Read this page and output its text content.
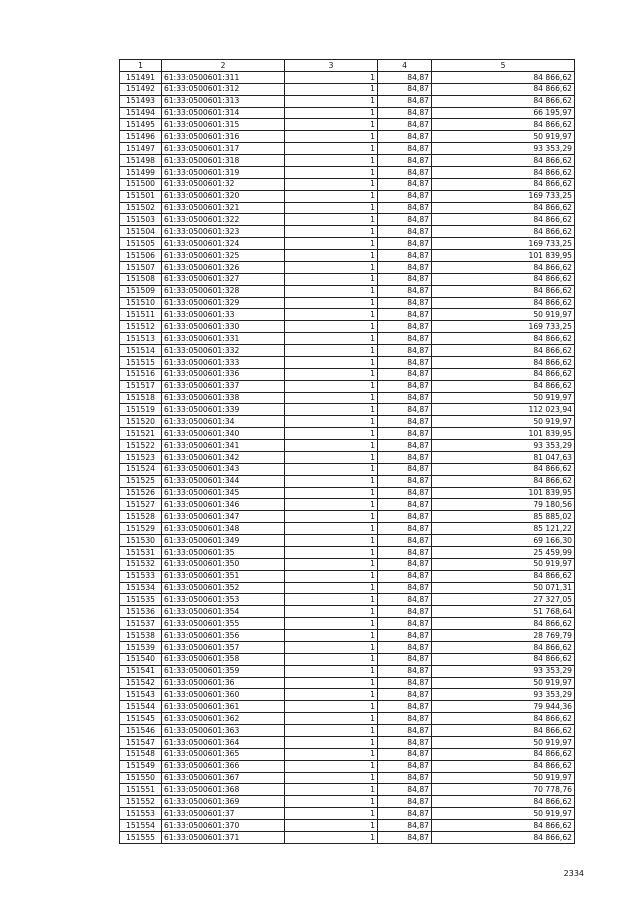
1	2	3	4	5
151491	61:33:0500601:311	1	84,87	84 866,62
151492	61:33:0500601:312	1	84,87	84 866,62
151493	61:33:0500601:313	1	84,87	84 866,62
151494	61:33:0500601:314	1	84,87	66 195,97
151495	61:33:0500601:315	1	84,87	84 866,62
151496	61:33:0500601:316	1	84,87	50 919,97
151497	61:33:0500601:317	1	84,87	93 353,29
151498	61:33:0500601:318	1	84,87	84 866,62
151499	61:33:0500601:319	1	84,87	84 866,62
151500	61:33:0500601:32	1	84,87	84 866,62
151501	61:33:0500601:320	1	84,87	169 733,25
151502	61:33:0500601:321	1	84,87	84 866,62
151503	61:33:0500601:322	1	84,87	84 866,62
151504	61:33:0500601:323	1	84,87	84 866,62
151505	61:33:0500601:324	1	84,87	169 733,25
151506	61:33:0500601:325	1	84,87	101 839,95
151507	61:33:0500601:326	1	84,87	84 866,62
151508	61:33:0500601:327	1	84,87	84 866,62
151509	61:33:0500601:328	1	84,87	84 866,62
151510	61:33:0500601:329	1	84,87	84 866,62
151511	61:33:0500601:33	1	84,87	50 919,97
151512	61:33:0500601:330	1	84,87	169 733,25
151513	61:33:0500601:331	1	84,87	84 866,62
151514	61:33:0500601:332	1	84,87	84 866,62
151515	61:33:0500601:333	1	84,87	84 866,62
151516	61:33:0500601:336	1	84,87	84 866,62
151517	61:33:0500601:337	1	84,87	84 866,62
151518	61:33:0500601:338	1	84,87	50 919,97
151519	61:33:0500601:339	1	84,87	112 023,94
151520	61:33:0500601:34	1	84,87	50 919,97
151521	61:33:0500601:340	1	84,87	101 839,95
151522	61:33:0500601:341	1	84,87	93 353,29
151523	61:33:0500601:342	1	84,87	81 047,63
151524	61:33:0500601:343	1	84,87	84 866,62
151525	61:33:0500601:344	1	84,87	84 866,62
151526	61:33:0500601:345	1	84,87	101 839,95
151527	61:33:0500601:346	1	84,87	79 180,56
151528	61:33:0500601:347	1	84,87	85 885,02
151529	61:33:0500601:348	1	84,87	85 121,22
151530	61:33:0500601:349	1	84,87	69 166,30
151531	61:33:0500601:35	1	84,87	25 459,99
151532	61:33:0500601:350	1	84,87	50 919,97
151533	61:33:0500601:351	1	84,87	84 866,62
151534	61:33:0500601:352	1	84,87	50 071,31
151535	61:33:0500601:353	1	84,87	27 327,05
151536	61:33:0500601:354	1	84,87	51 768,64
151537	61:33:0500601:355	1	84,87	84 866,62
151538	61:33:0500601:356	1	84,87	28 769,79
151539	61:33:0500601:357	1	84,87	84 866,62
151540	61:33:0500601:358	1	84,87	84 866,62
151541	61:33:0500601:359	1	84,87	93 353,29
151542	61:33:0500601:36	1	84,87	50 919,97
151543	61:33:0500601:360	1	84,87	93 353,29
151544	61:33:0500601:361	1	84,87	79 944,36
151545	61:33:0500601:362	1	84,87	84 866,62
151546	61:33:0500601:363	1	84,87	84 866,62
151547	61:33:0500601:364	1	84,87	50 919,97
151548	61:33:0500601:365	1	84,87	84 866,62
151549	61:33:0500601:366	1	84,87	84 866,62
151550	61:33:0500601:367	1	84,87	50 919,97
151551	61:33:0500601:368	1	84,87	70 778,76
151552	61:33:0500601:369	1	84,87	84 866,62
151553	61:33:0500601:37	1	84,87	50 919,97
151554	61:33:0500601:370	1	84,87	84 866,62
151555	61:33:0500601:371	1	84,87	84 866,62
2334
